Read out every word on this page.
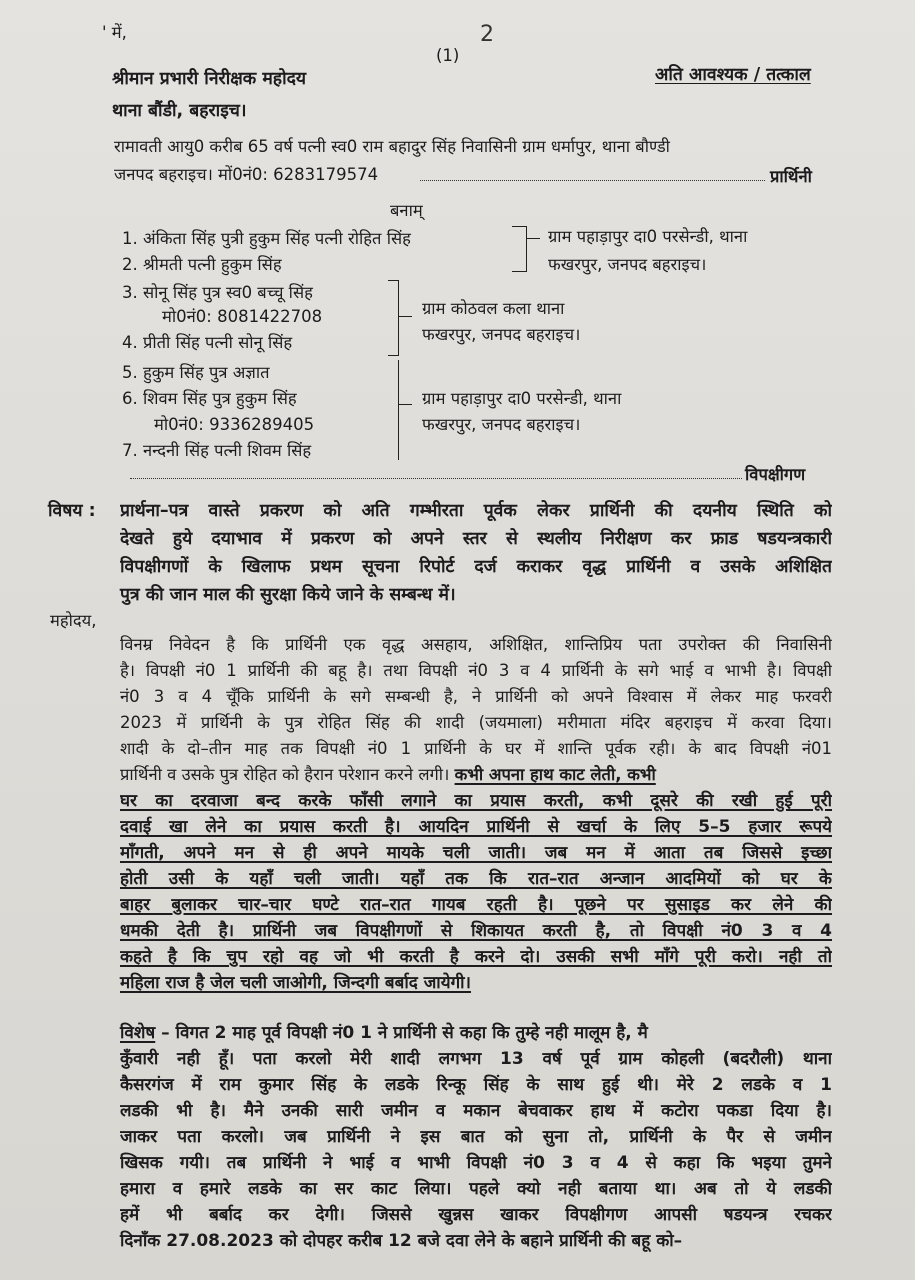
' में,
(1)
2
अति आवश्यक / तत्काल
श्रीमान प्रभारी निरीक्षक महोदय
थाना बौंडी, बहराइच।
रामावती आयु0 करीब 65 वर्ष पत्नी स्व0 राम बहादुर सिंह निवासिनी ग्राम धर्मापुर, थाना बौण्डी
जनपद बहराइच। मों0नं0: 6283179574	प्रार्थिनी
बनाम्
1. अंकिता सिंह पुत्री हुकुम सिंह पत्नी रोहित सिंह
2. श्रीमती पत्नी हुकुम सिंह
ग्राम पहाड़ापुर दा0 परसेन्डी, थाना
फखरपुर, जनपद बहराइच।
3. सोनू सिंह पुत्र स्व0 बच्चू सिंह
मो0नं0: 8081422708
4. प्रीती सिंह पत्नी सोनू सिंह
ग्राम कोठवल कला थाना
फखरपुर, जनपद बहराइच।
5. हुकुम सिंह पुत्र अज्ञात
6. शिवम सिंह पुत्र हुकुम सिंह
मो0नं0: 9336289405
7. नन्दनी सिंह पत्नी शिवम सिंह
ग्राम पहाड़ापुर दा0 परसेन्डी, थाना
फखरपुर, जनपद बहराइच।
विपक्षीगण
विषय : प्रार्थना–पत्र वास्ते प्रकरण को अति गम्भीरता पूर्वक लेकर प्रार्थिनी की दयनीय स्थिति को
देखते हुये दयाभाव में प्रकरण को अपने स्तर से स्थलीय निरीक्षण कर फ्राड षडयन्त्रकारी
विपक्षीगणों के खिलाफ प्रथम सूचना रिपोर्ट दर्ज कराकर वृद्ध प्रार्थिनी व उसके अशिक्षित
पुत्र की जान माल की सुरक्षा किये जाने के सम्बन्ध में।
महोदय,
विनम्र निवेदन है कि प्रार्थिनी एक वृद्ध असहाय, अशिक्षित, शान्तिप्रिय पता उपरोक्त की निवासिनी
है। विपक्षी नं0 1 प्रार्थिनी की बहू है। तथा विपक्षी नं0 3 व 4 प्रार्थिनी के सगे भाई व भाभी है। विपक्षी
नं0 3 व 4 चूँकि प्रार्थिनी के सगे सम्बन्धी है, ने प्रार्थिनी को अपने विश्वास में लेकर माह फरवरी
2023 में प्रार्थिनी के पुत्र रोहित सिंह की शादी (जयमाला) मरीमाता मंदिर बहराइच में करवा दिया।
शादी के दो–तीन माह तक विपक्षी नं0 1 प्रार्थिनी के घर में शान्ति पूर्वक रही। के बाद विपक्षी नं01
प्रार्थिनी व उसके पुत्र रोहित को हैरान परेशान करने लगी। कभी अपना हाथ काट लेती, कभी
घर का दरवाजा बन्द करके फाँसी लगाने का प्रयास करती, कभी दूसरे की रखी हुई पूरी
दवाई खा लेने का प्रयास करती है। आयदिन प्रार्थिनी से खर्चा के लिए 5–5 हजार रूपये
माँगती, अपने मन से ही अपने मायके चली जाती। जब मन में आता तब जिससे इच्छा
होती उसी के यहाँ चली जाती। यहाँ तक कि रात–रात अन्जान आदमियों को घर के
बाहर बुलाकर चार–चार घण्टे रात–रात गायब रहती है। पूछने पर सुसाइड कर लेने की
धमकी देती है। प्रार्थिनी जब विपक्षीगणों से शिकायत करती है, तो विपक्षी नं0 3 व 4
कहते है कि चुप रहो वह जो भी करती है करने दो। उसकी सभी माँगे पूरी करो। नही तो
महिला राज है जेल चली जाओगी, जिन्दगी बर्बाद जायेगी।
विशेष – विगत 2 माह पूर्व विपक्षी नं0 1 ने प्रार्थिनी से कहा कि तुम्हे नही मालूम है, मै
कुँवारी नही हूँ। पता करलो मेरी शादी लगभग 13 वर्ष पूर्व ग्राम कोहली (बदरौली) थाना
कैसरगंज में राम कुमार सिंह के लडके रिन्कू सिंह के साथ हुई थी। मेरे 2 लडके व 1
लडकी भी है। मैने उनकी सारी जमीन व मकान बेचवाकर हाथ में कटोरा पकडा दिया है।
जाकर पता करलो। जब प्रार्थिनी ने इस बात को सुना तो, प्रार्थिनी के पैर से जमीन
खिसक गयी। तब प्रार्थिनी ने भाई व भाभी विपक्षी नं0 3 व 4 से कहा कि भइया तुमने
हमारा व हमारे लडके का सर काट लिया। पहले क्यो नही बताया था। अब तो ये लडकी
हमें भी बर्बाद कर देगी। जिससे खुन्नस खाकर विपक्षीगण आपसी षडयन्त्र रचकर
दिनाँक 27.08.2023 को दोपहर करीब 12 बजे दवा लेने के बहाने प्रार्थिनी की बहू को–
